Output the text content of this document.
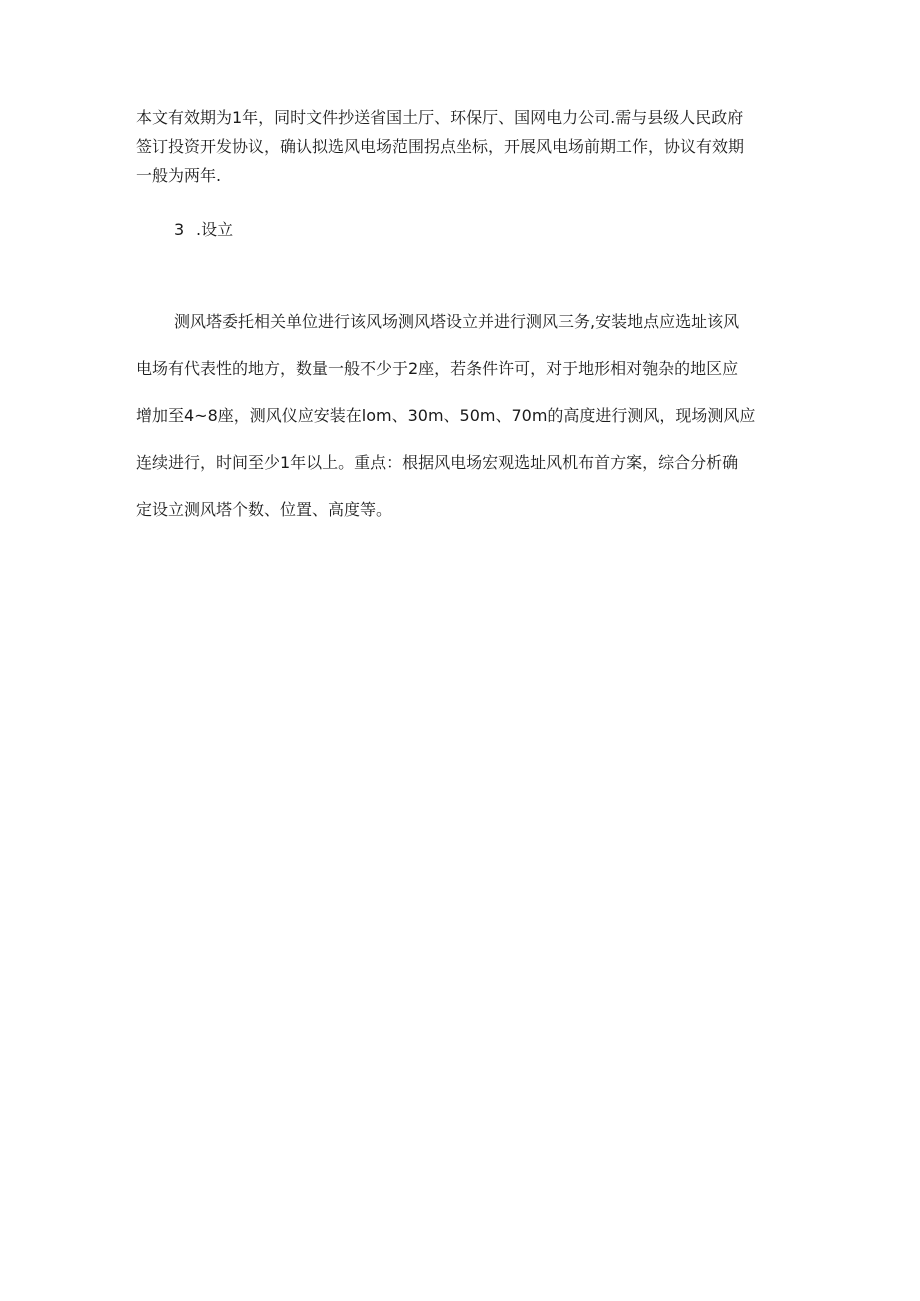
本文有效期为1年，同时文件抄送省国土厅、环保厅、国网电力公司.需与县级人民政府
签订投资开发协议，确认拟选风电场范围拐点坐标，开展风电场前期工作，协议有效期
一般为两年.

3 .设立

测风塔委托相关单位进行该风场测风塔设立并进行测风三务,安装地点应选址该风
电场有代表性的地方，数量一般不少于2座，若条件许可，对于地形相对匏杂的地区应
增加至4~8座，测风仪应安装在lom、30m、50m、70m的高度进行测风，现场测风应
连续进行，时间至少1年以上。重点：根据风电场宏观选址风机布首方案，综合分析确
定设立测风塔个数、位置、高度等。
